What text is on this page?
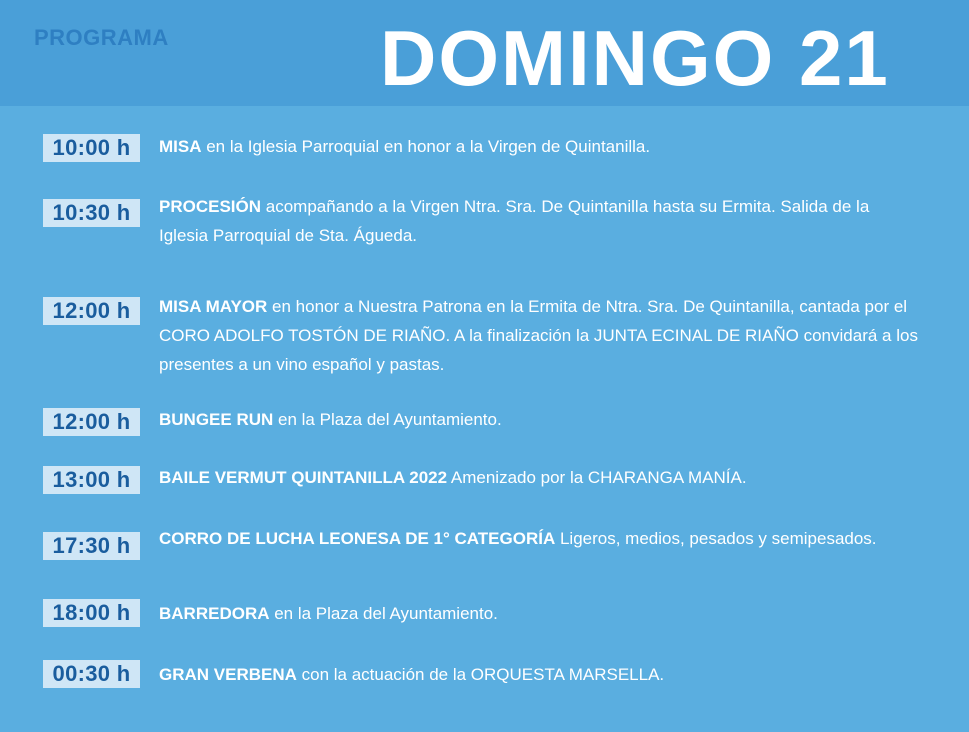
PROGRAMA	DOMINGO 21
10:00 h	MISA en la Iglesia Parroquial en honor a la Virgen de Quintanilla.
10:30 h	PROCESIÓN acompañando a la Virgen Ntra. Sra. De Quintanilla hasta su Ermita. Salida de la Iglesia Parroquial de Sta. Águeda.
12:00 h	MISA MAYOR en honor a Nuestra Patrona en la Ermita de Ntra. Sra. De Quintanilla, cantada por el CORO ADOLFO TOSTÓN DE RIAÑO. A la finalización la JUNTA ECINAL DE RIAÑO convidará a los presentes a un vino español y pastas.
12:00 h	BUNGEE RUN en la Plaza del Ayuntamiento.
13:00 h	BAILE VERMUT QUINTANILLA 2022 Amenizado por la CHARANGA MANÍA.
17:30 h	CORRO DE LUCHA LEONESA DE 1° CATEGORÍA Ligeros, medios, pesados y semipesados.
18:00 h	BARREDORA en la Plaza del Ayuntamiento.
00:30 h	GRAN VERBENA con la actuación de la ORQUESTA MARSELLA.
